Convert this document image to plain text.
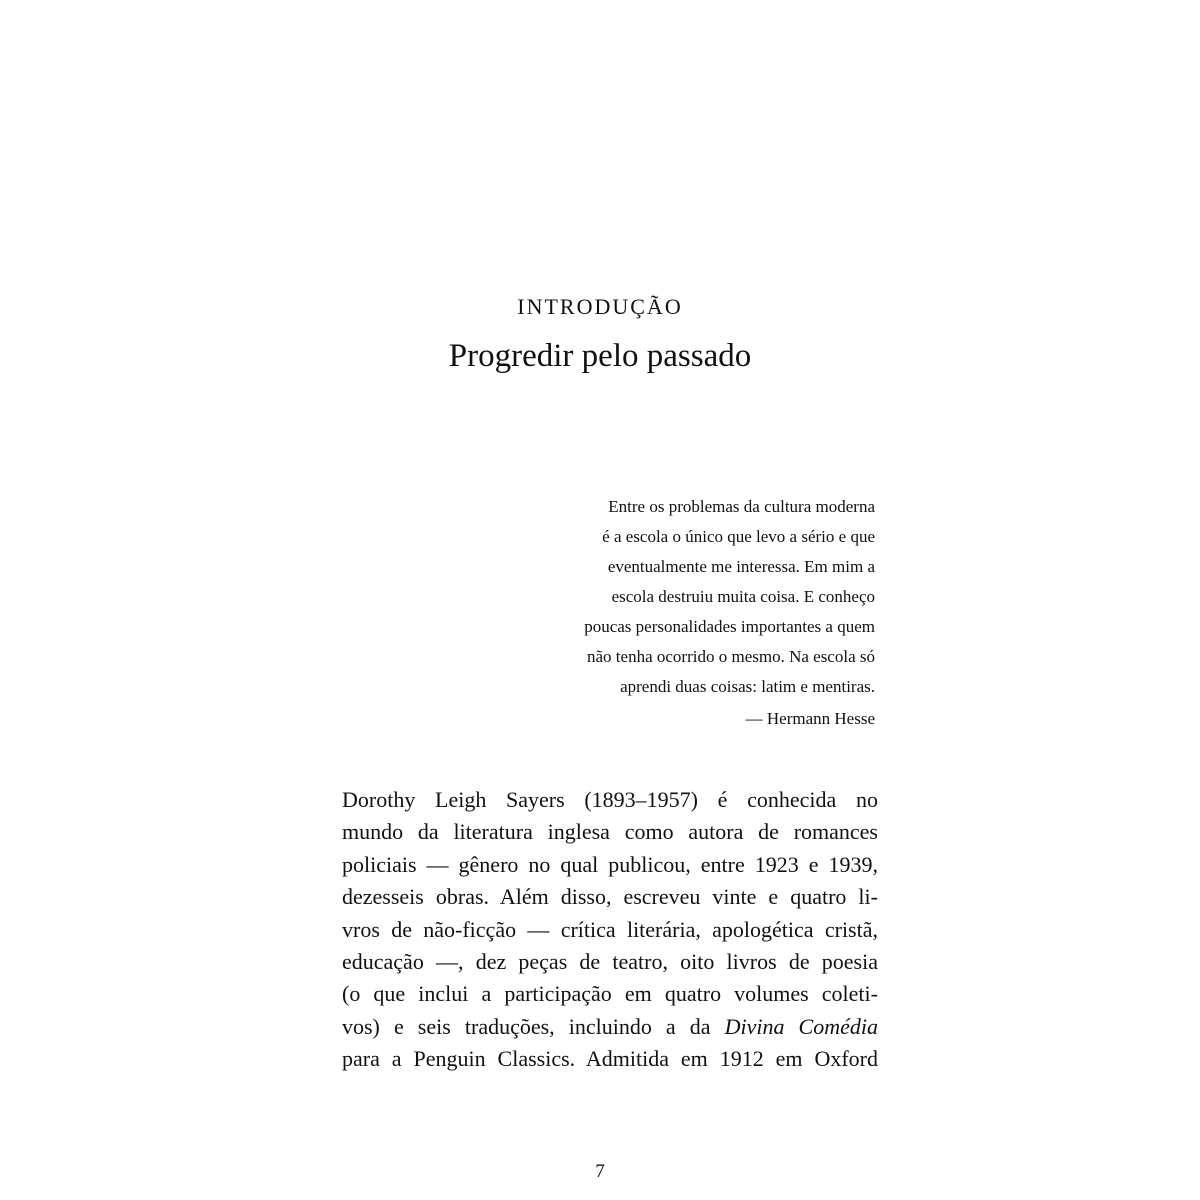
INTRODUÇÃO
Progredir pelo passado
Entre os problemas da cultura moderna
é a escola o único que levo a sério e que
eventualmente me interessa. Em mim a
escola destruiu muita coisa. E conheço
poucas personalidades importantes a quem
não tenha ocorrido o mesmo. Na escola só
aprendi duas coisas: latim e mentiras.
— Hermann Hesse
Dorothy Leigh Sayers (1893–1957) é conhecida no
mundo da literatura inglesa como autora de romances
policiais — gênero no qual publicou, entre 1923 e 1939,
dezesseis obras. Além disso, escreveu vinte e quatro li-
vros de não-ficção — crítica literária, apologética cristã,
educação —, dez peças de teatro, oito livros de poesia
(o que inclui a participação em quatro volumes coleti-
vos) e seis traduções, incluindo a da Divina Comédia
para a Penguin Classics. Admitida em 1912 em Oxford
7
